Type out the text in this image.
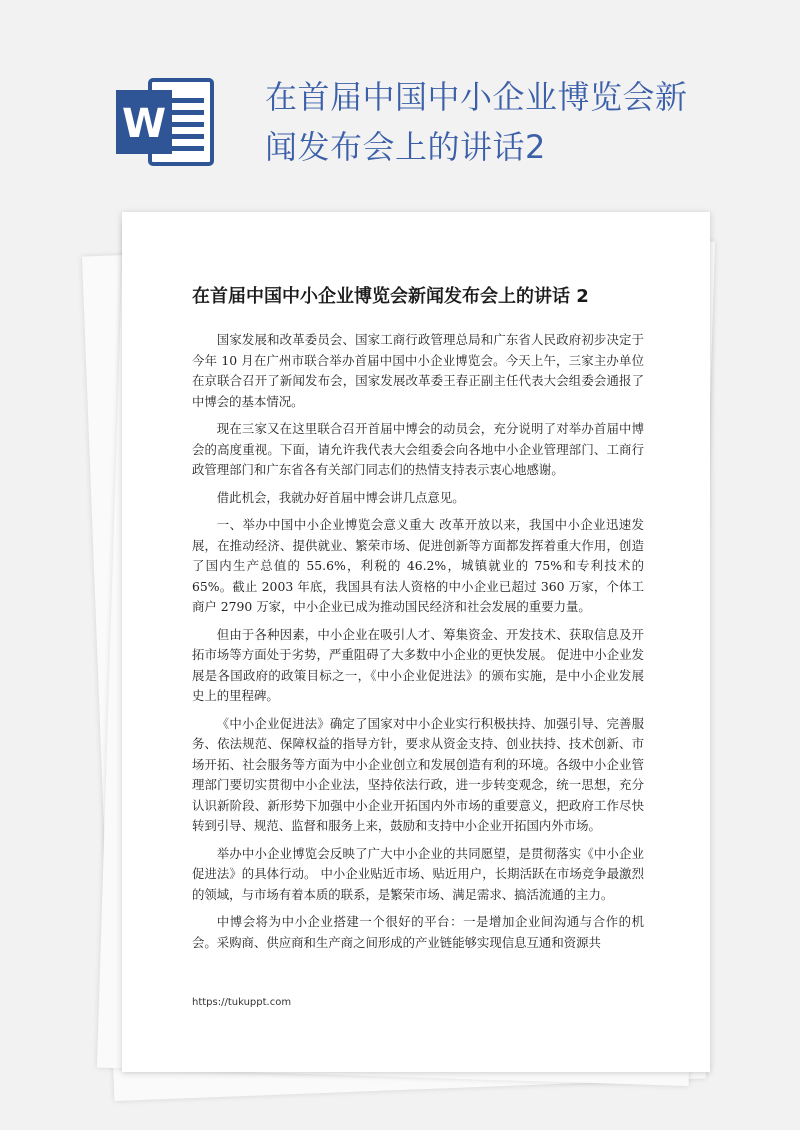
W
在首届中国中小企业博览会新闻发布会上的讲话2
在首届中国中小企业博览会新闻发布会上的讲话 2

国家发展和改革委员会、国家工商行政管理总局和广东省人民政府初步决定于今年 10 月在广州市联合举办首届中国中小企业博览会。今天上午，三家主办单位在京联合召开了新闻发布会，国家发展改革委王春正副主任代表大会组委会通报了中博会的基本情况。

现在三家又在这里联合召开首届中博会的动员会，充分说明了对举办首届中博会的高度重视。下面，请允许我代表大会组委会向各地中小企业管理部门、工商行政管理部门和广东省各有关部门同志们的热情支持表示衷心地感谢。

借此机会，我就办好首届中博会讲几点意见。

一、举办中国中小企业博览会意义重大 改革开放以来，我国中小企业迅速发展，在推动经济、提供就业、繁荣市场、促进创新等方面都发挥着重大作用，创造了国内生产总值的 55.6%，利税的 46.2%，城镇就业的 75%和专利技术的 65%。截止 2003 年底，我国具有法人资格的中小企业已超过 360 万家，个体工商户 2790 万家，中小企业已成为推动国民经济和社会发展的重要力量。

但由于各种因素，中小企业在吸引人才、筹集资金、开发技术、获取信息及开拓市场等方面处于劣势，严重阻碍了大多数中小企业的更快发展。 促进中小企业发展是各国政府的政策目标之一，《中小企业促进法》的颁布实施，是中小企业发展史上的里程碑。

《中小企业促进法》确定了国家对中小企业实行积极扶持、加强引导、完善服务、依法规范、保障权益的指导方针，要求从资金支持、创业扶持、技术创新、市场开拓、社会服务等方面为中小企业创立和发展创造有利的环境。各级中小企业管理部门要切实贯彻中小企业法，坚持依法行政，进一步转变观念，统一思想，充分认识新阶段、新形势下加强中小企业开拓国内外市场的重要意义，把政府工作尽快转到引导、规范、监督和服务上来，鼓励和支持中小企业开拓国内外市场。

举办中小企业博览会反映了广大中小企业的共同愿望，是贯彻落实《中小企业促进法》的具体行动。 中小企业贴近市场、贴近用户，长期活跃在市场竞争最激烈的领域，与市场有着本质的联系，是繁荣市场、满足需求、搞活流通的主力。

中博会将为中小企业搭建一个很好的平台：一是增加企业间沟通与合作的机会。采购商、供应商和生产商之间形成的产业链能够实现信息互通和资源共

https://tukuppt.com
